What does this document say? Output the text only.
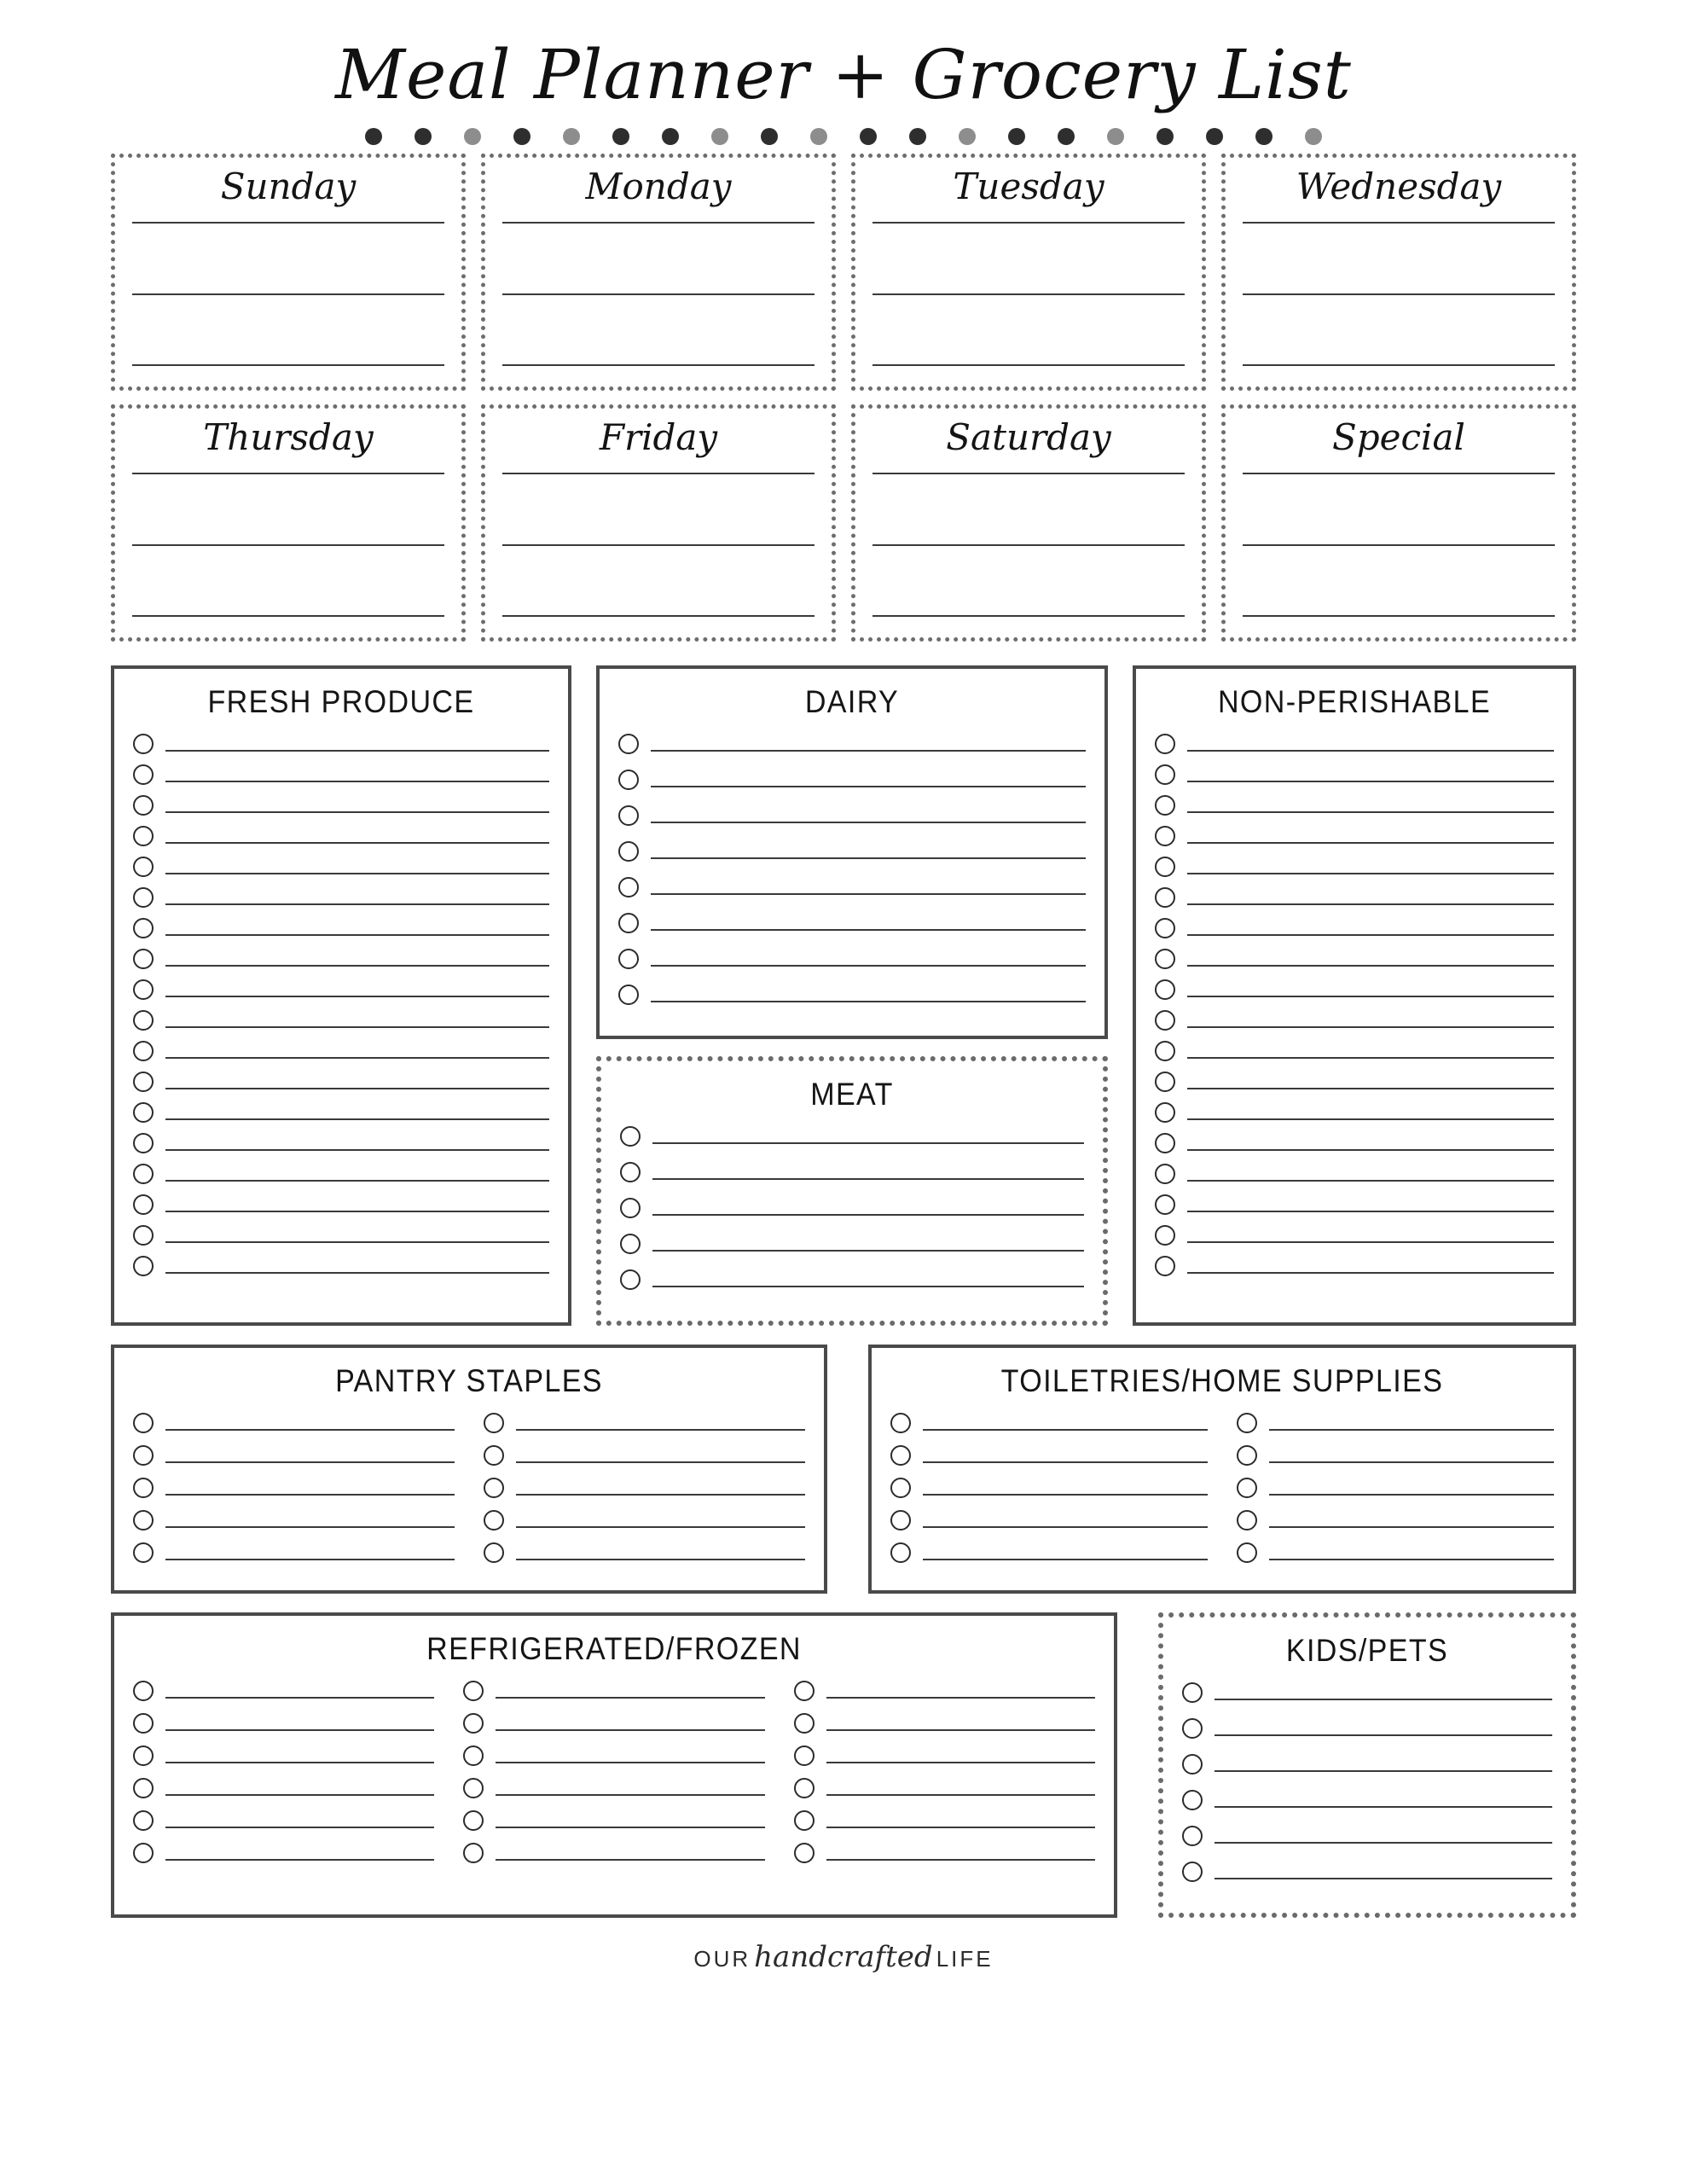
Meal Planner + Grocery List
Sunday	Monday	Tuesday	Wednesday
Thursday	Friday	Saturday	Special
FRESH PRODUCE	DAIRY
MEAT
NON-PERISHABLE
PANTRY STAPLES	TOILETRIES/HOME SUPPLIES
REFRIGERATED/FROZEN	KIDS/PETS
OUR handcrafted LIFE
